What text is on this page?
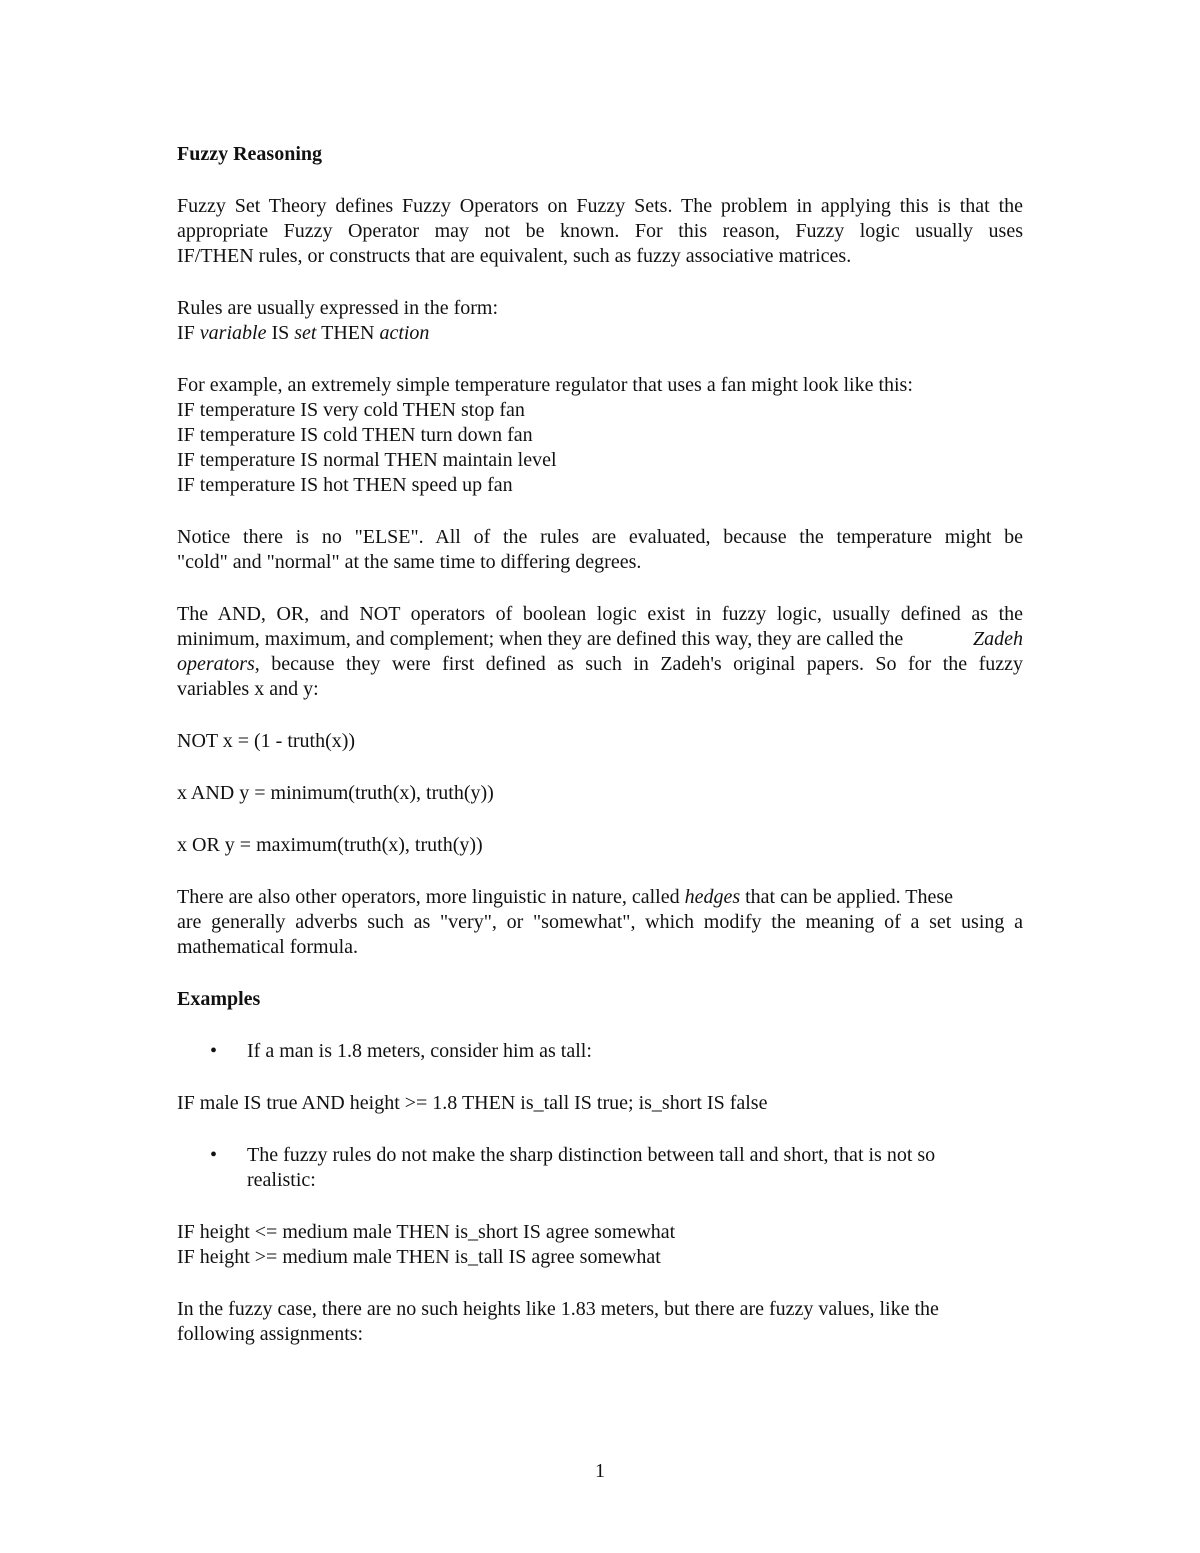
Fuzzy Reasoning
Fuzzy Set Theory defines Fuzzy Operators on Fuzzy Sets. The problem in applying this is that the
appropriate Fuzzy Operator may not be known. For this reason, Fuzzy logic usually uses
IF/THEN rules, or constructs that are equivalent, such as fuzzy associative matrices.
Rules are usually expressed in the form:
IF variable IS set THEN action
For example, an extremely simple temperature regulator that uses a fan might look like this:
IF temperature IS very cold THEN stop fan
IF temperature IS cold THEN turn down fan
IF temperature IS normal THEN maintain level
IF temperature IS hot THEN speed up fan
Notice there is no "ELSE". All of the rules are evaluated, because the temperature might be
"cold" and "normal" at the same time to differing degrees.
The AND, OR, and NOT operators of boolean logic exist in fuzzy logic, usually defined as the
minimum, maximum, and complement; when they are defined this way, they are called the	Zadeh
operators, because they were first defined as such in Zadeh's original papers. So for the fuzzy
variables x and y:
NOT x = (1 - truth(x))
x AND y = minimum(truth(x), truth(y))
x OR y = maximum(truth(x), truth(y))
There are also other operators, more linguistic in nature, called hedges that can be applied. These
are generally adverbs such as "very", or "somewhat", which modify the meaning of a set using a
mathematical formula.
Examples
• If a man is 1.8 meters, consider him as tall:
IF male IS true AND height >= 1.8 THEN is_tall IS true; is_short IS false
• The fuzzy rules do not make the sharp distinction between tall and short, that is not so
realistic:
IF height <= medium male THEN is_short IS agree somewhat
IF height >= medium male THEN is_tall IS agree somewhat
In the fuzzy case, there are no such heights like 1.83 meters, but there are fuzzy values, like the
following assignments:
1
